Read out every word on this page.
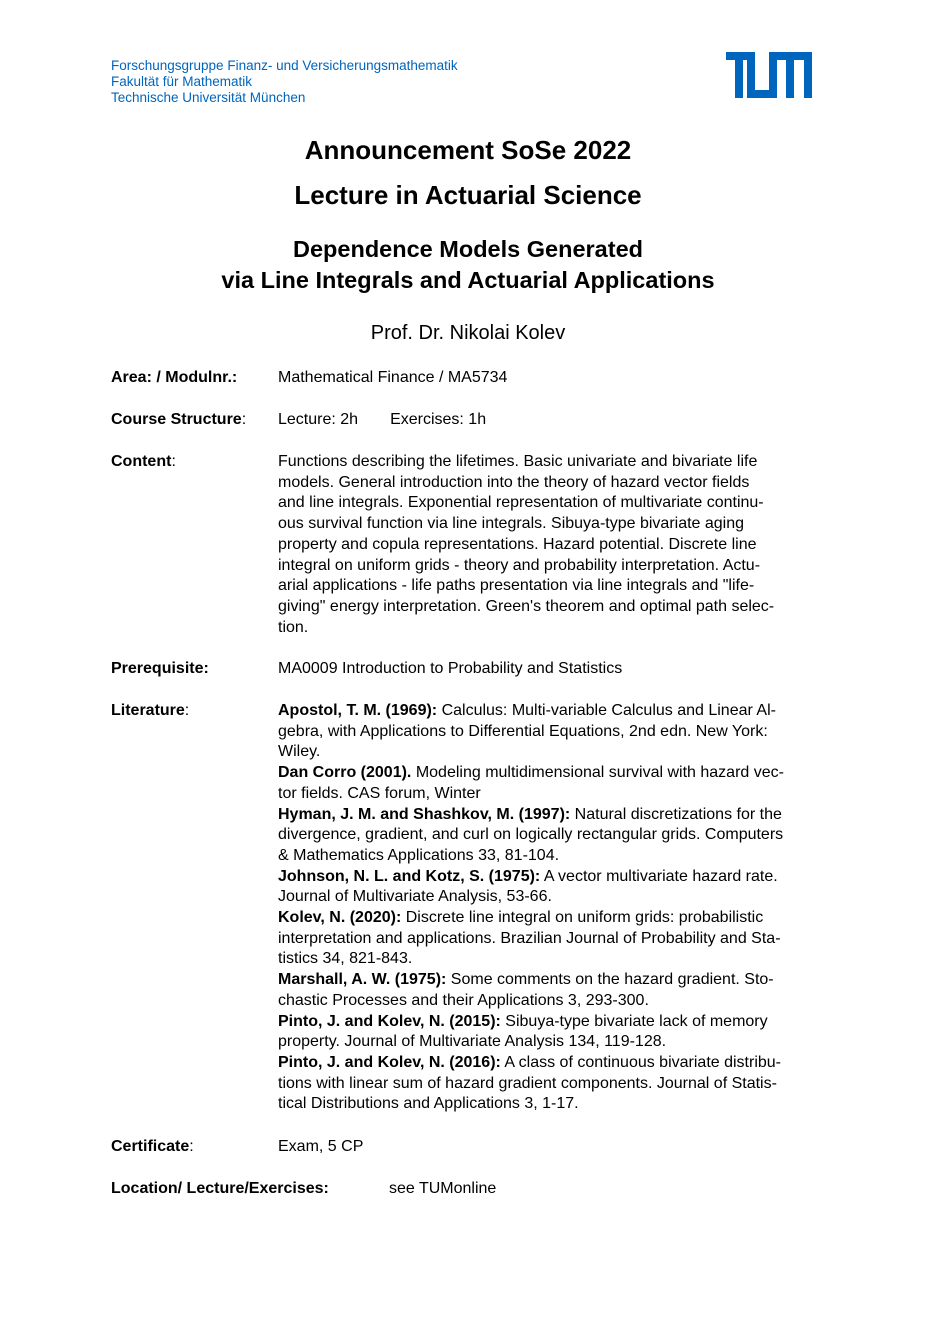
Forschungsgruppe Finanz- und Versicherungsmathematik
Fakultät für Mathematik
Technische Universität München
Announcement SoSe 2022
Lecture in Actuarial Science
Dependence Models Generated
via Line Integrals and Actuarial Applications
Prof. Dr. Nikolai Kolev
Area: / Modulnr.:	Mathematical Finance / MA5734
Course Structure: Lecture: 2h Exercises: 1h
Content:	Functions describing the lifetimes. Basic univariate and bivariate life
models. General introduction into the theory of hazard vector fields
and line integrals. Exponential representation of multivariate continu-
ous survival function via line integrals. Sibuya-type bivariate aging
property and copula representations. Hazard potential. Discrete line
integral on uniform grids - theory and probability interpretation. Actu-
arial applications - life paths presentation via line integrals and "life-
giving" energy interpretation. Green's theorem and optimal path selec-
tion.
Prerequisite:	MA0009 Introduction to Probability and Statistics
Literature:	Apostol, T. M. (1969): Calculus: Multi-variable Calculus and Linear Al-
gebra, with Applications to Differential Equations, 2nd edn. New York:
Wiley.
Dan Corro (2001). Modeling multidimensional survival with hazard vec-
tor fields. CAS forum, Winter
Hyman, J. M. and Shashkov, M. (1997): Natural discretizations for the
divergence, gradient, and curl on logically rectangular grids. Computers
& Mathematics Applications 33, 81-104.
Johnson, N. L. and Kotz, S. (1975): A vector multivariate hazard rate.
Journal of Multivariate Analysis, 53-66.
Kolev, N. (2020): Discrete line integral on uniform grids: probabilistic
interpretation and applications. Brazilian Journal of Probability and Sta-
tistics 34, 821-843.
Marshall, A. W. (1975): Some comments on the hazard gradient. Sto-
chastic Processes and their Applications 3, 293-300.
Pinto, J. and Kolev, N. (2015): Sibuya-type bivariate lack of memory
property. Journal of Multivariate Analysis 134, 119-128.
Pinto, J. and Kolev, N. (2016): A class of continuous bivariate distribu-
tions with linear sum of hazard gradient components. Journal of Statis-
tical Distributions and Applications 3, 1-17.
Certificate:	Exam, 5 CP
Location/ Lecture/Exercises:	see TUMonline
